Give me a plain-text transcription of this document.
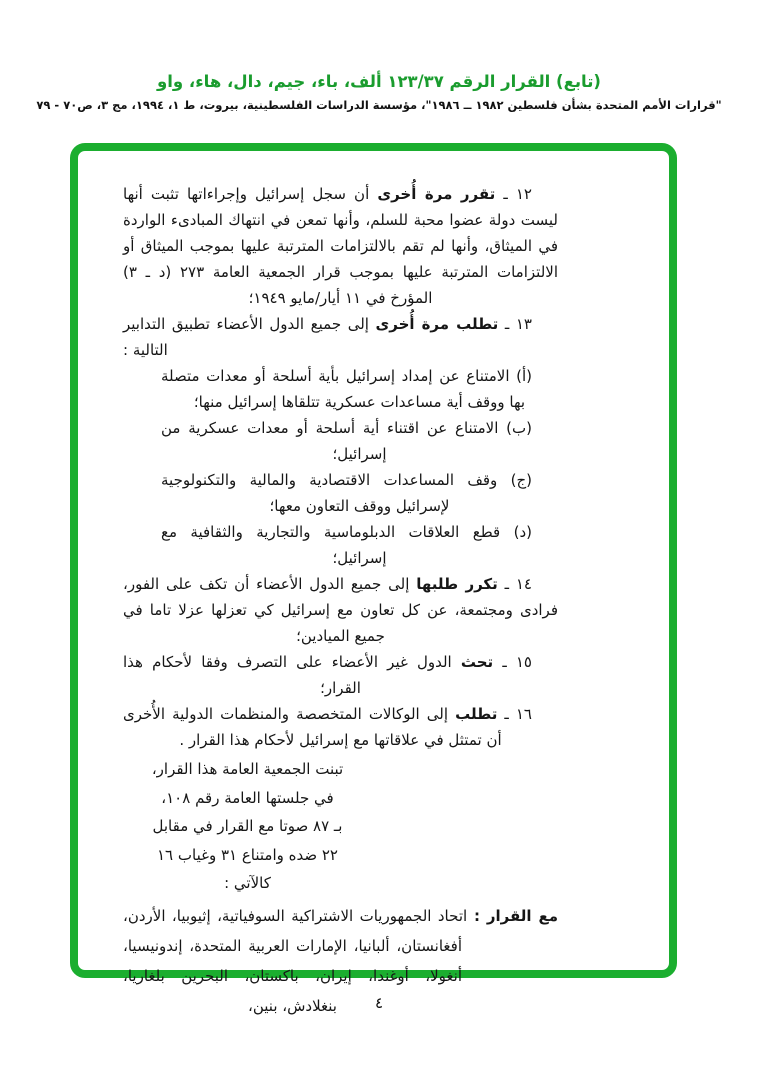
(تابع) القرار الرقم ١٢٣/٣٧ ألف، باء، جيم، دال، هاء، واو
"قرارات الأمم المتحدة بشأن فلسطين ١٩٨٢ ــ ١٩٨٦"، مؤسسة الدراسات الفلسطينية، بيروت، ط ١، ١٩٩٤، مج ٣، ص٧٠ - ٧٩

١٢ ـ تقرر مرة أُخرى أن سجل إسرائيل وإجراءاتها تثبت أنها ليست دولة عضوا محبة للسلم، وأنها تمعن في انتهاك المبادىء الواردة في الميثاق، وأنها لم تقم بالالتزامات المترتبة عليها بموجب الميثاق أو الالتزامات المترتبة عليها بموجب قرار الجمعية العامة ٢٧٣ (د ـ ٣) المؤرخ في ١١ أيار/مايو ١٩٤٩؛

١٣ ـ تطلب مرة أُخرى إلى جميع الدول الأعضاء تطبيق التدابير التالية :

(أ) الامتناع عن إمداد إسرائيل بأية أسلحة أو معدات متصلة بها ووقف أية مساعدات عسكرية تتلقاها إسرائيل منها؛

(ب) الامتناع عن اقتناء أية أسلحة أو معدات عسكرية من إسرائيل؛

(ج) وقف المساعدات الاقتصادية والمالية والتكنولوجية لإسرائيل ووقف التعاون معها؛

(د) قطع العلاقات الدبلوماسية والتجارية والثقافية مع إسرائيل؛

١٤ ـ تكرر طلبها إلى جميع الدول الأعضاء أن تكف على الفور، فرادى ومجتمعة، عن كل تعاون مع إسرائيل كي تعزلها عزلا تاما في جميع الميادين؛

١٥ ـ تحث الدول غير الأعضاء على التصرف وفقا لأحكام هذا القرار؛

١٦ ـ تطلب إلى الوكالات المتخصصة والمنظمات الدولية الأُخرى أن تمتثل في علاقاتها مع إسرائيل لأحكام هذا القرار .

تبنت الجمعية العامة هذا القرار،
في جلستها العامة رقم ١٠٨،
بـ ٨٧ صوتا مع القرار في مقابل
٢٢ ضده وامتناع ٣١ وغياب ١٦
كالآتي :

مع القرار : اتحاد الجمهوريات الاشتراكية السوفياتية، إثيوبيا، الأردن، أفغانستان، ألبانيا، الإمارات العربية المتحدة، إندونيسيا، أنغولا، أوغندا، إيران، باكستان، البحرين بلغاريا، بنغلادش، بنين،	٤
